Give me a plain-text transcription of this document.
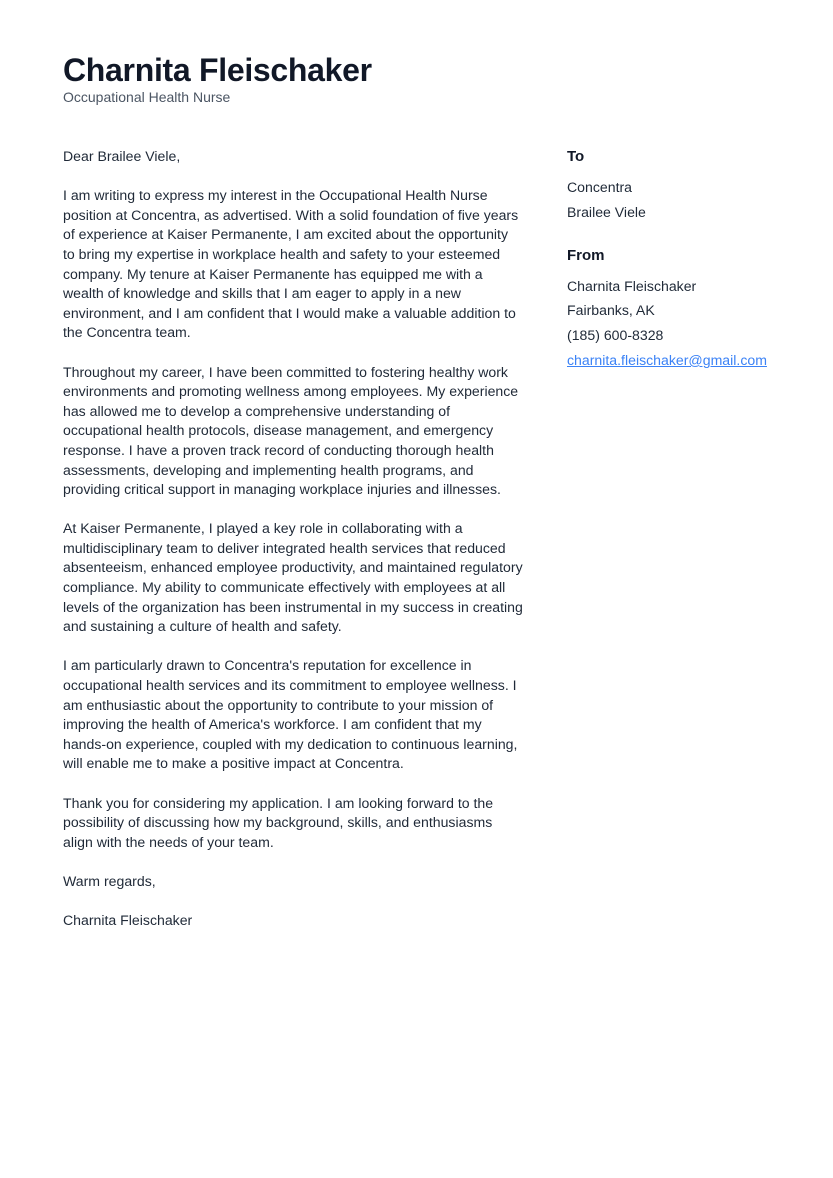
Charnita Fleischaker
Occupational Health Nurse

Dear Brailee Viele,

I am writing to express my interest in the Occupational Health Nurse position at Concentra, as advertised. With a solid foundation of five years of experience at Kaiser Permanente, I am excited about the opportunity to bring my expertise in workplace health and safety to your esteemed company. My tenure at Kaiser Permanente has equipped me with a wealth of knowledge and skills that I am eager to apply in a new environment, and I am confident that I would make a valuable addition to the Concentra team.

Throughout my career, I have been committed to fostering healthy work environments and promoting wellness among employees. My experience has allowed me to develop a comprehensive understanding of occupational health protocols, disease management, and emergency response. I have a proven track record of conducting thorough health assessments, developing and implementing health programs, and providing critical support in managing workplace injuries and illnesses.

At Kaiser Permanente, I played a key role in collaborating with a multidisciplinary team to deliver integrated health services that reduced absenteeism, enhanced employee productivity, and maintained regulatory compliance. My ability to communicate effectively with employees at all levels of the organization has been instrumental in my success in creating and sustaining a culture of health and safety.

I am particularly drawn to Concentra's reputation for excellence in occupational health services and its commitment to employee wellness. I am enthusiastic about the opportunity to contribute to your mission of improving the health of America's workforce. I am confident that my hands-on experience, coupled with my dedication to continuous learning, will enable me to make a positive impact at Concentra.

Thank you for considering my application. I am looking forward to the possibility of discussing how my background, skills, and enthusiasms align with the needs of your team.

Warm regards,

Charnita Fleischaker

To
Concentra
Brailee Viele
From
Charnita Fleischaker
Fairbanks, AK
(185) 600-8328
charnita.fleischaker@gmail.com
